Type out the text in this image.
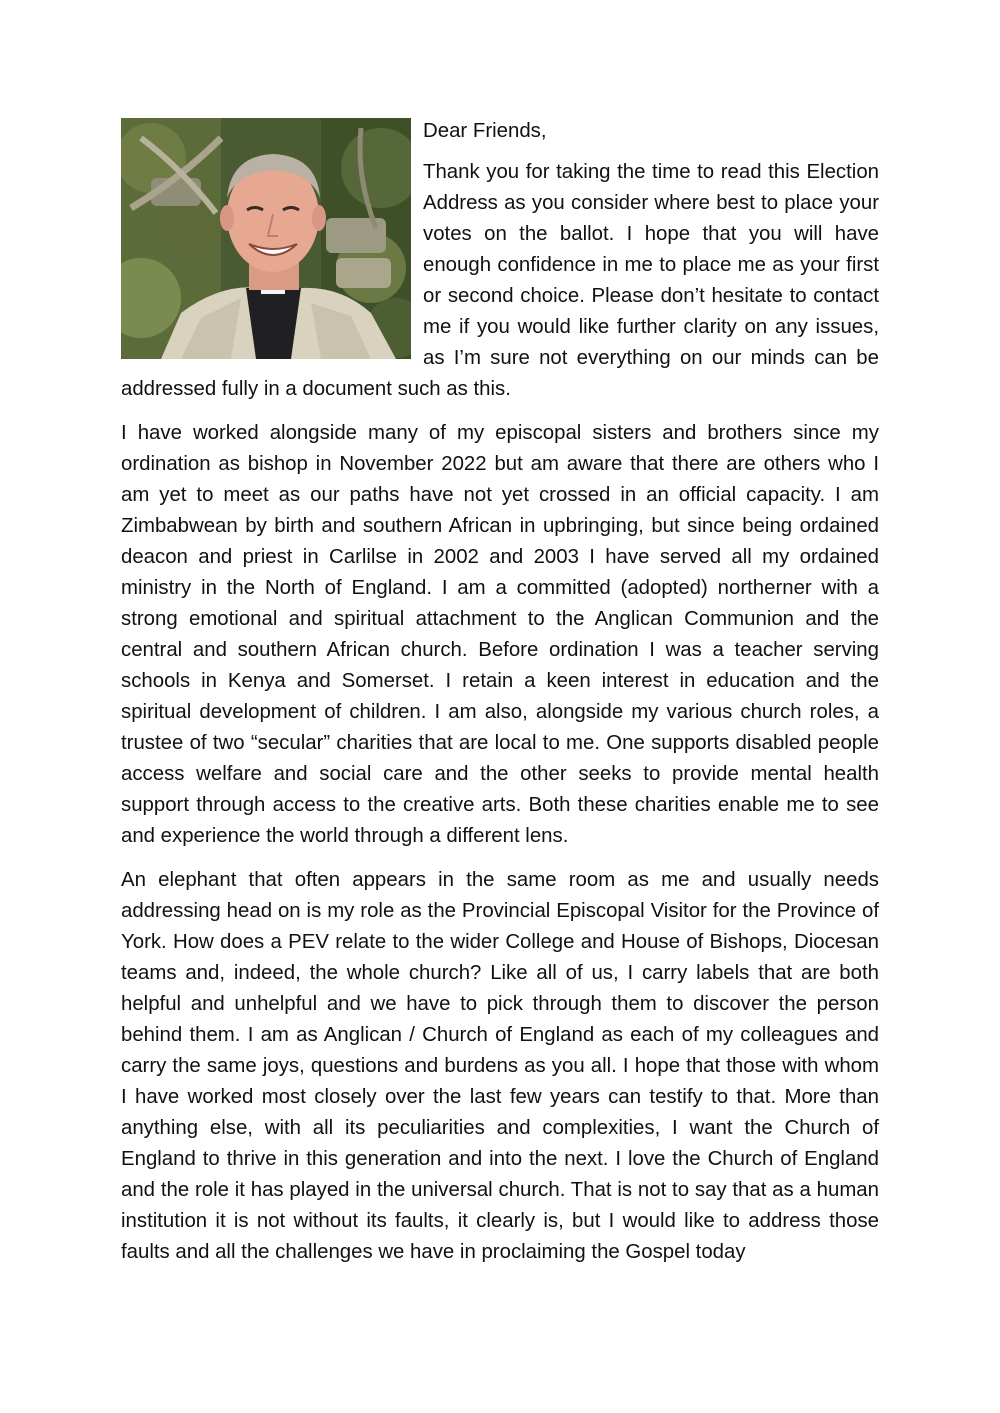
Dear Friends,

Thank you for taking the time to read this Election Address as you consider where best to place your votes on the ballot. I hope that you will have enough confidence in me to place me as your first or second choice. Please don’t hesitate to contact me if you would like further clarity on any issues, as I’m sure not everything on our minds can be addressed fully in a document such as this.

I have worked alongside many of my episcopal sisters and brothers since my ordination as bishop in November 2022 but am aware that there are others who I am yet to meet as our paths have not yet crossed in an official capacity. I am Zimbabwean by birth and southern African in upbringing, but since being ordained deacon and priest in Carlilse in 2002 and 2003 I have served all my ordained ministry in the North of England. I am a committed (adopted) northerner with a strong emotional and spiritual attachment to the Anglican Communion and the central and southern African church. Before ordination I was a teacher serving schools in Kenya and Somerset. I retain a keen interest in education and the spiritual development of children. I am also, alongside my various church roles, a trustee of two “secular” charities that are local to me. One supports disabled people access welfare and social care and the other seeks to provide mental health support through access to the creative arts. Both these charities enable me to see and experience the world through a different lens.

An elephant that often appears in the same room as me and usually needs addressing head on is my role as the Provincial Episcopal Visitor for the Province of York. How does a PEV relate to the wider College and House of Bishops, Diocesan teams and, indeed, the whole church? Like all of us, I carry labels that are both helpful and unhelpful and we have to pick through them to discover the person behind them. I am as Anglican / Church of England as each of my colleagues and carry the same joys, questions and burdens as you all. I hope that those with whom I have worked most closely over the last few years can testify to that. More than anything else, with all its peculiarities and complexities, I want the Church of England to thrive in this generation and into the next. I love the Church of England and the role it has played in the universal church. That is not to say that as a human institution it is not without its faults, it clearly is, but I would like to address those faults and all the challenges we have in proclaiming the Gospel today
